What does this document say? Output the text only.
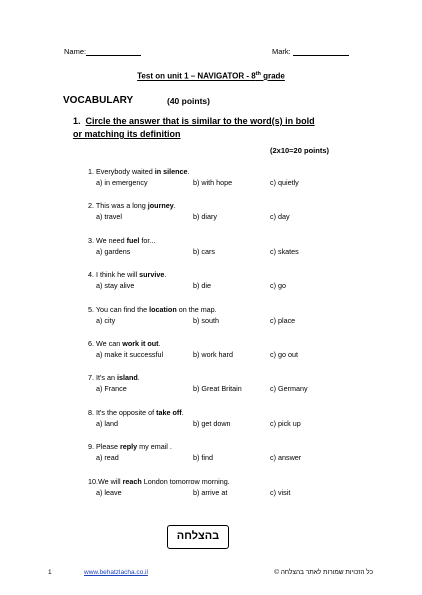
Name:	Mark:
Test on unit 1 – NAVIGATOR - 8th grade
VOCABULARY	(40 points)
1. Circle the answer that is similar to the word(s) in bold
or matching its definition
(2x10=20 points)
1. Everybody waited in silence.
a) in emergency	b) with hope	c) quietly
2. This was a long journey.
a) travel	b) diary	c) day
3. We need fuel for...
a) gardens	b) cars	c) skates
4. I think he will survive.
a) stay alive	b) die	c) go
5. You can find the location on the map.
a) city	b) south	c) place
6. We can work it out.
a) make it successful	b) work hard	c) go out
7. It's an island.
a) France	b) Great Britain	c) Germany
8. It's the opposite of take off.
a) land	b) get down	c) pick up
9. Please reply my email .
a) read	b) find	c) answer
10.We will reach London tomorrow morning.
a) leave	b) arrive at	c) visit
בהצלחה
1	www.behatzlacha.co.il	כל הזכויות שמורות לאתר בהצלחה ©
